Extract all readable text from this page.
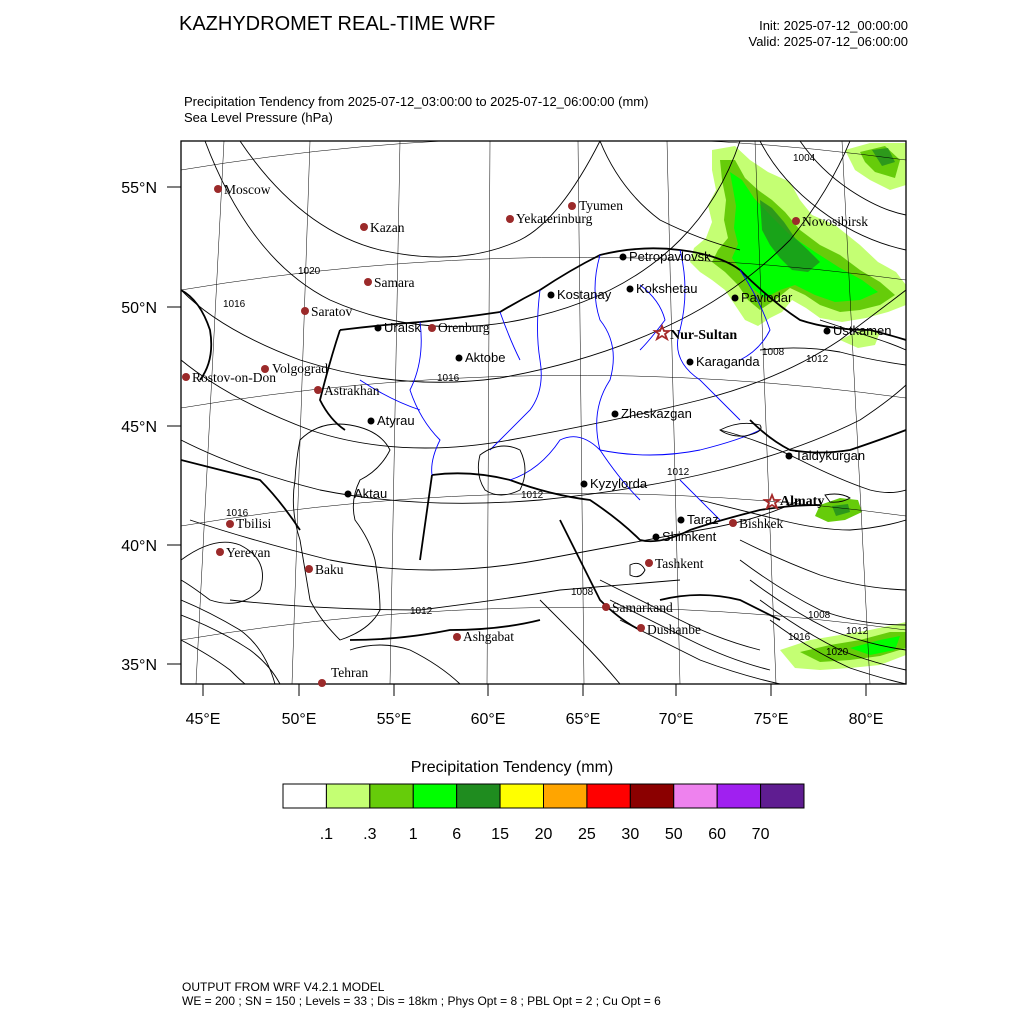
KAZHYDROMET REAL-TIME WRF	Init: 2025-07-12_00:00:00
Valid: 2025-07-12_06:00:00
Precipitation Tendency from 2025-07-12_03:00:00 to 2025-07-12_06:00:00 (mm)
Sea Level Pressure (hPa)
55°N
50°N
45°N
40°N
35°N
45°E	50°E	55°E	60°E	65°E	70°E	75°E	80°E
1004
1020
1016
1016
1008
1012
1012
1012
1016
1008
1012	1008
1016
1012
1020
Moscow
Kazan
Tyumen
Yekaterinburg
Samara
Saratov
Orenburg
Volgograd
Rostov-on-Don
Astrakhan
Novosibirsk
Tbilisi
Yerevan
Baku
Ashgabat
Tehran
Samarkand
Dushanbe
Tashkent
Bishkek
Petropavlovsk
Kostanay Kokshetau
Pavlodar
Uralsk
Aktobe	Karaganda
Ustkamen
Atyrau	Zheskazgan
Taldykurgan
Kyzylorda
Aktau
Taraz
Shimkent
Nur-Sultan
Almaty
Precipitation Tendency (mm)
.1 .3 1 6 15 20 25 30 50 60 70
OUTPUT FROM WRF V4.2.1 MODEL
WE = 200 ; SN = 150 ; Levels = 33 ; Dis = 18km ; Phys Opt = 8 ; PBL Opt = 2 ; Cu Opt = 6
